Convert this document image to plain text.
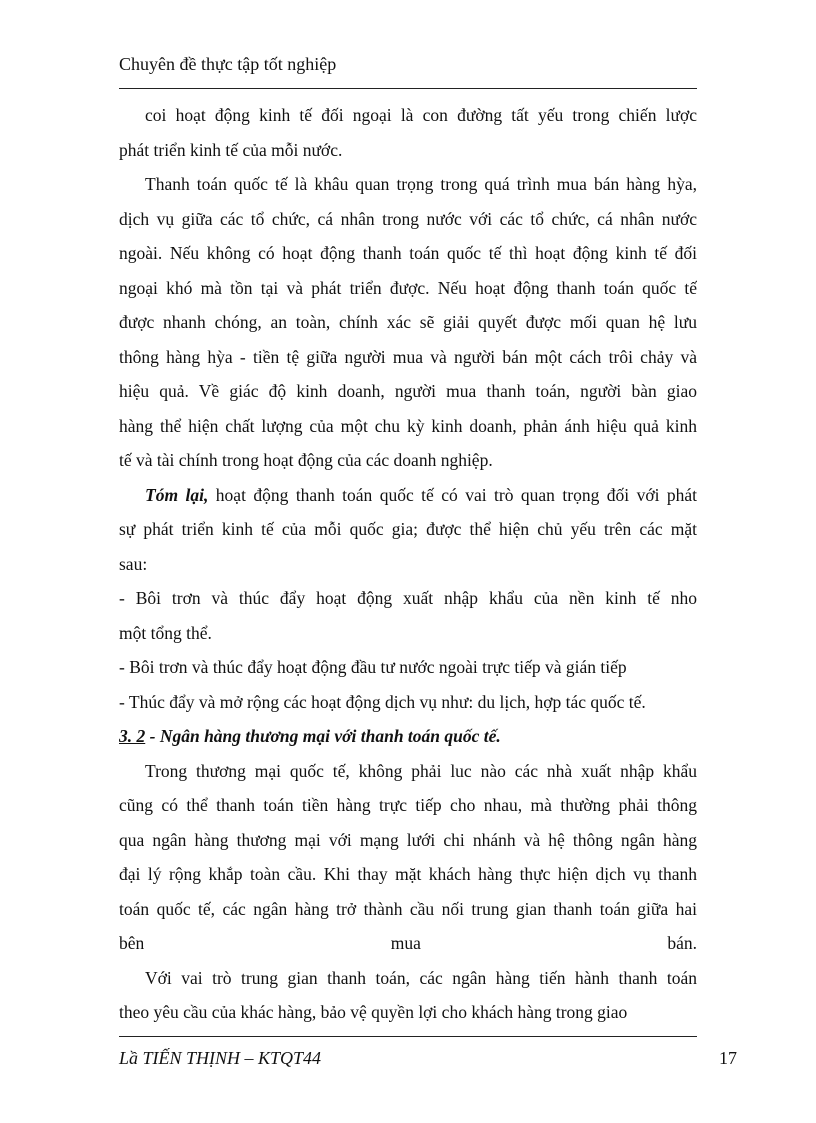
Chuyên đề thực tập tốt nghiệp
coi hoạt động kinh tế đối ngoại là con đường tất yếu trong chiến lược
phát triển kinh tế của mỗi nước.
Thanh toán quốc tế là khâu quan trọng trong quá trình mua bán hàng hỳa,
dịch vụ giữa các tổ chức, cá nhân trong nước với các tổ chức, cá nhân nước
ngoài. Nếu không có hoạt động thanh toán quốc tế thì hoạt động kinh tế đối
ngoại khó mà tồn tại và phát triển được. Nếu hoạt động thanh toán quốc tế
được nhanh chóng, an toàn, chính xác sẽ giải quyết được mối quan hệ lưu
thông hàng hỳa - tiền tệ giữa người mua và người bán một cách trôi chảy và
hiệu quả. Về giác độ kinh doanh, người mua thanh toán, người bàn giao
hàng thể hiện chất lượng của một chu kỳ kinh doanh, phản ánh hiệu quả kinh
tế và tài chính trong hoạt động của các doanh nghiệp.
Tóm lại, hoạt động thanh toán quốc tế có vai trò quan trọng đối với phát
sự phát triển kinh tế của mỗi quốc gia; được thể hiện chủ yếu trên các mặt
sau:
- Bôi trơn và thúc đẩy hoạt động xuất nhập khẩu của nền kinh tế nho
một tổng thể.
- Bôi trơn và thúc đẩy hoạt động đầu tư nước ngoài trực tiếp và gián tiếp
- Thúc đẩy và mở rộng các hoạt động dịch vụ như: du lịch, hợp tác quốc tế.
3. 2 - Ngân hàng thương mại với thanh toán quốc tế.
Trong thương mại quốc tế, không phải luc nào các nhà xuất nhập khẩu
cũng có thể thanh toán tiền hàng trực tiếp cho nhau, mà thường phải thông
qua ngân hàng thương mại với mạng lưới chi nhánh và hệ thông ngân hàng
đại lý rộng khắp toàn cầu. Khi thay mặt khách hàng thực hiện dịch vụ thanh
toán quốc tế, các ngân hàng trở thành cầu nối trung gian thanh toán giữa hai
bên mua bán.
Với vai trò trung gian thanh toán, các ngân hàng tiến hành thanh toán
theo yêu cầu của khác hàng, bảo vệ quyền lợi cho khách hàng trong giao
Lầ TIẾN THỊNH – KTQT44	17
